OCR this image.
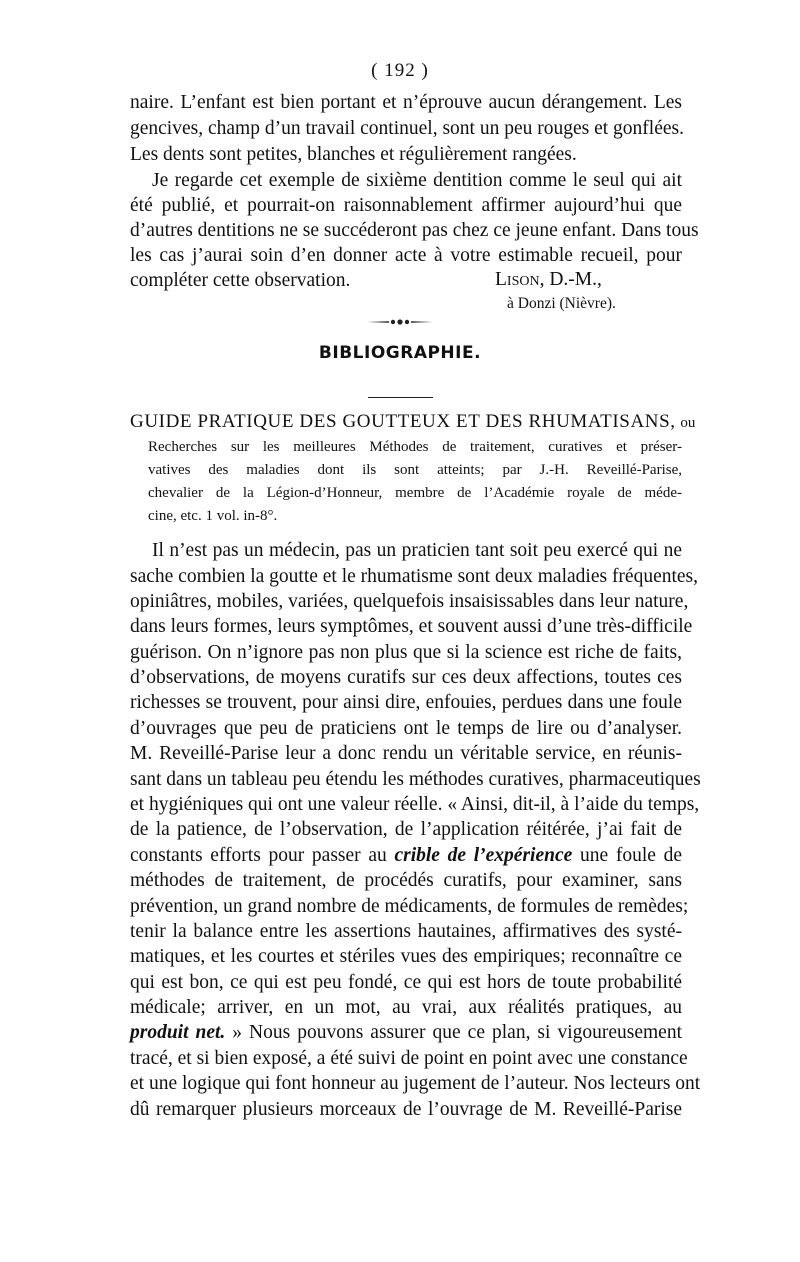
( 192 )
naire. L’enfant est bien portant et n’éprouve aucun dérangement. Les
gencives, champ d’un travail continuel, sont un peu rouges et gonflées.
Les dents sont petites, blanches et régulièrement rangées.
Je regarde cet exemple de sixième dentition comme le seul qui ait
été publié, et pourrait-on raisonnablement affirmer aujourd’hui que
d’autres dentitions ne se succéderont pas chez ce jeune enfant. Dans tous
les cas j’aurai soin d’en donner acte à votre estimable recueil, pour
compléter cette observation.	Lison, D.-M.,
à Donzi (Nièvre).
BIBLIOGRAPHIE.
GUIDE PRATIQUE DES GOUTTEUX ET DES RHUMATISANS, ou
Recherches sur les meilleures Méthodes de traitement, curatives et préser-
vatives des maladies dont ils sont atteints; par J.-H. Reveillé-Parise,
chevalier de la Légion-d’Honneur, membre de l’Académie royale de méde-
cine, etc. 1 vol. in-8°.
Il n’est pas un médecin, pas un praticien tant soit peu exercé qui ne
sache combien la goutte et le rhumatisme sont deux maladies fréquentes,
opiniâtres, mobiles, variées, quelquefois insaisissables dans leur nature,
dans leurs formes, leurs symptômes, et souvent aussi d’une très-difficile
guérison. On n’ignore pas non plus que si la science est riche de faits,
d’observations, de moyens curatifs sur ces deux affections, toutes ces
richesses se trouvent, pour ainsi dire, enfouies, perdues dans une foule
d’ouvrages que peu de praticiens ont le temps de lire ou d’analyser.
M. Reveillé-Parise leur a donc rendu un véritable service, en réunis-
sant dans un tableau peu étendu les méthodes curatives, pharmaceutiques
et hygiéniques qui ont une valeur réelle. « Ainsi, dit-il, à l’aide du temps,
de la patience, de l’observation, de l’application réitérée, j’ai fait de
constants efforts pour passer au crible de l’expérience une foule de
méthodes de traitement, de procédés curatifs, pour examiner, sans
prévention, un grand nombre de médicaments, de formules de remèdes;
tenir la balance entre les assertions hautaines, affirmatives des systé-
matiques, et les courtes et stériles vues des empiriques; reconnaître ce
qui est bon, ce qui est peu fondé, ce qui est hors de toute probabilité
médicale; arriver, en un mot, au vrai, aux réalités pratiques, au
produit net. » Nous pouvons assurer que ce plan, si vigoureusement
tracé, et si bien exposé, a été suivi de point en point avec une constance
et une logique qui font honneur au jugement de l’auteur. Nos lecteurs ont
dû remarquer plusieurs morceaux de l’ouvrage de M. Reveillé-Parise
